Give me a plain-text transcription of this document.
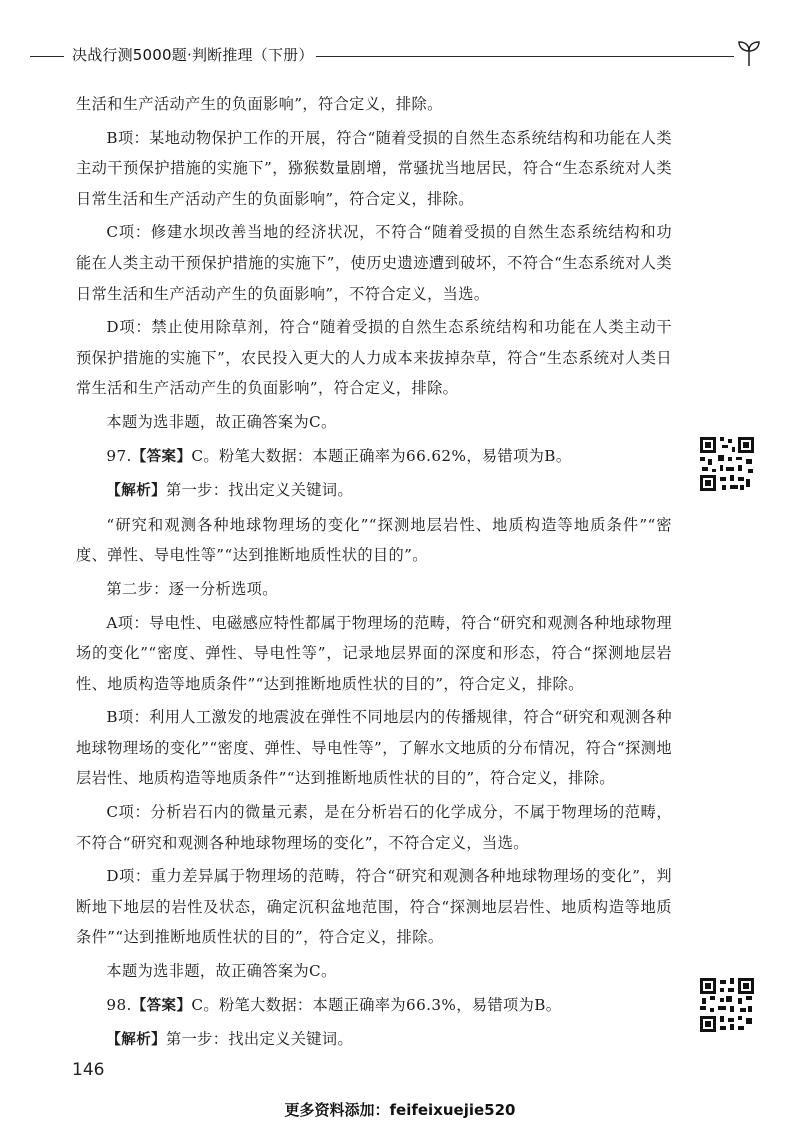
决战行测5000题·判断推理（下册）

生活和生产活动产生的负面影响”，符合定义，排除。

B项：某地动物保护工作的开展，符合“随着受损的自然生态系统结构和功能在人类主动干预保护措施的实施下”，猕猴数量剧增，常骚扰当地居民，符合“生态系统对人类日常生活和生产活动产生的负面影响”，符合定义，排除。

C项：修建水坝改善当地的经济状况，不符合“随着受损的自然生态系统结构和功能在人类主动干预保护措施的实施下”，使历史遗迹遭到破坏，不符合“生态系统对人类日常生活和生产活动产生的负面影响”，不符合定义，当选。

D项：禁止使用除草剂，符合“随着受损的自然生态系统结构和功能在人类主动干预保护措施的实施下”，农民投入更大的人力成本来拔掉杂草，符合“生态系统对人类日常生活和生产活动产生的负面影响”，符合定义，排除。

本题为选非题，故正确答案为C。

97.【答案】C。粉笔大数据：本题正确率为66.62%，易错项为B。

【解析】第一步：找出定义关键词。

“研究和观测各种地球物理场的变化”“探测地层岩性、地质构造等地质条件”“密度、弹性、导电性等”“达到推断地质性状的目的”。

第二步：逐一分析选项。

A项：导电性、电磁感应特性都属于物理场的范畴，符合“研究和观测各种地球物理场的变化”“密度、弹性、导电性等”，记录地层界面的深度和形态，符合“探测地层岩性、地质构造等地质条件”“达到推断地质性状的目的”，符合定义，排除。

B项：利用人工激发的地震波在弹性不同地层内的传播规律，符合“研究和观测各种地球物理场的变化”“密度、弹性、导电性等”，了解水文地质的分布情况，符合“探测地层岩性、地质构造等地质条件”“达到推断地质性状的目的”，符合定义，排除。

C项：分析岩石内的微量元素，是在分析岩石的化学成分，不属于物理场的范畴，不符合“研究和观测各种地球物理场的变化”，不符合定义，当选。

D项：重力差异属于物理场的范畴，符合“研究和观测各种地球物理场的变化”，判断地下地层的岩性及状态，确定沉积盆地范围，符合“探测地层岩性、地质构造等地质条件”“达到推断地质性状的目的”，符合定义，排除。

本题为选非题，故正确答案为C。

98.【答案】C。粉笔大数据：本题正确率为66.3%，易错项为B。

【解析】第一步：找出定义关键词。

146
更多资料添加：feifeixuejie520
